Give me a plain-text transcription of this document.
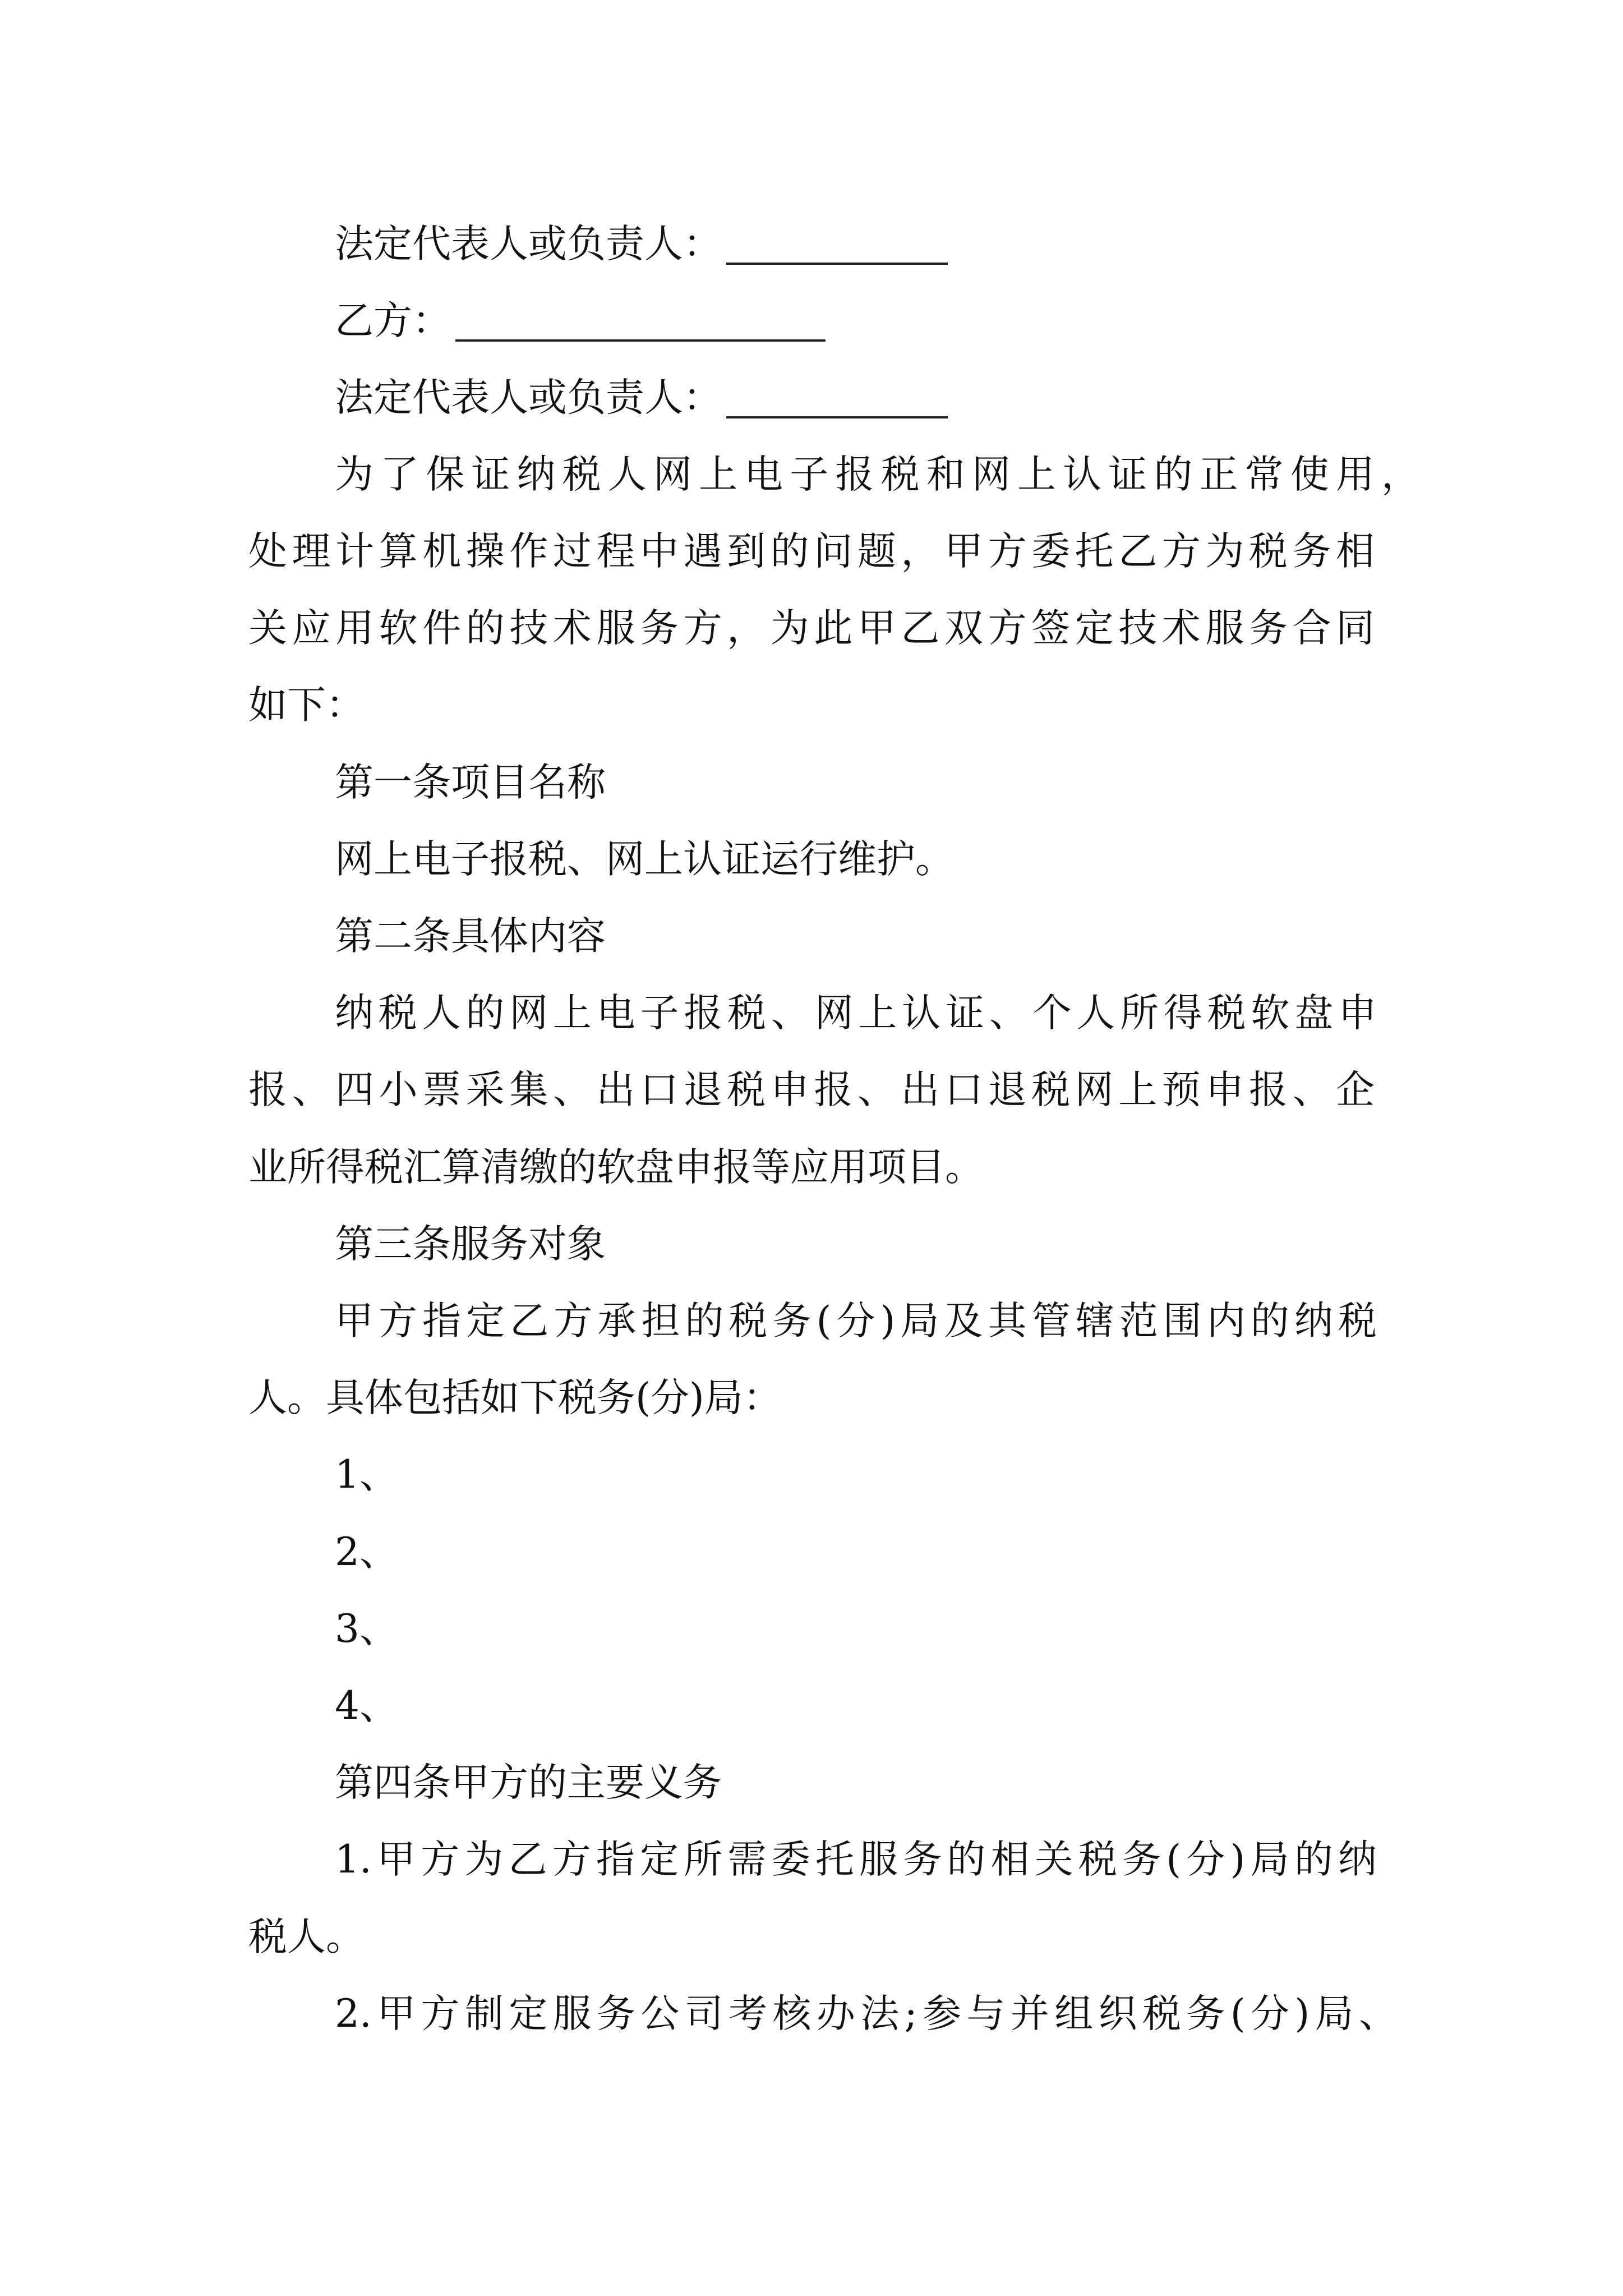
法定代表人或负责人：
乙方：
法定代表人或负责人：
为了保证纳税人网上电子报税和网上认证的正常使用，
处理计算机操作过程中遇到的问题，甲方委托乙方为税务相
关应用软件的技术服务方，为此甲乙双方签定技术服务合同
如下：
第一条项目名称
网上电子报税、网上认证运行维护。
第二条具体内容
纳税人的网上电子报税、网上认证、个人所得税软盘申
报、四小票采集、出口退税申报、出口退税网上预申报、企
业所得税汇算清缴的软盘申报等应用项目。
第三条服务对象
甲方指定乙方承担的税务(分)局及其管辖范围内的纳税
人。具体包括如下税务(分)局：
1、
2、
3、
4、
第四条甲方的主要义务
1.甲方为乙方指定所需委托服务的相关税务(分)局的纳
税人。
2.甲方制定服务公司考核办法;参与并组织税务(分)局、
